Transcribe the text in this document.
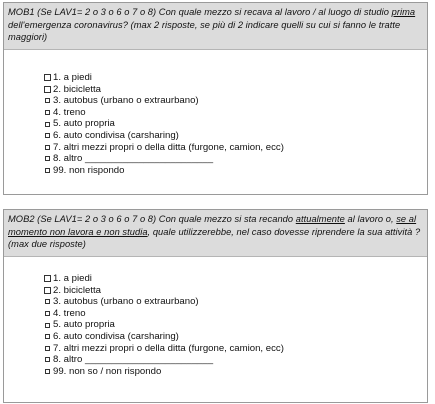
MOB1 (Se LAV1= 2 o 3 o 6 o 7 o 8) Con quale mezzo si recava al lavoro / al luogo di studio prima dell'emergenza coronavirus? (max 2 risposte, se più di 2 indicare quelli su cui si fanno le tratte maggiori)
1. a piedi
2. bicicletta
3. autobus (urbano o extraurbano)
4. treno
5. auto propria
6. auto condivisa (carsharing)
7. altri mezzi propri o della ditta (furgone, camion, ecc)
8. altro ________________________
99. non rispondo
MOB2 (Se LAV1= 2 o 3 o 6 o 7 o 8) Con quale mezzo si sta recando attualmente al lavoro o, se al momento non lavora e non studia, quale utilizzerebbe, nel caso dovesse riprendere la sua attività ? (max due risposte)
1. a piedi
2. bicicletta
3. autobus (urbano o extraurbano)
4. treno
5. auto propria
6. auto condivisa (carsharing)
7. altri mezzi propri o della ditta (furgone, camion, ecc)
8. altro ________________________
99. non so / non rispondo
